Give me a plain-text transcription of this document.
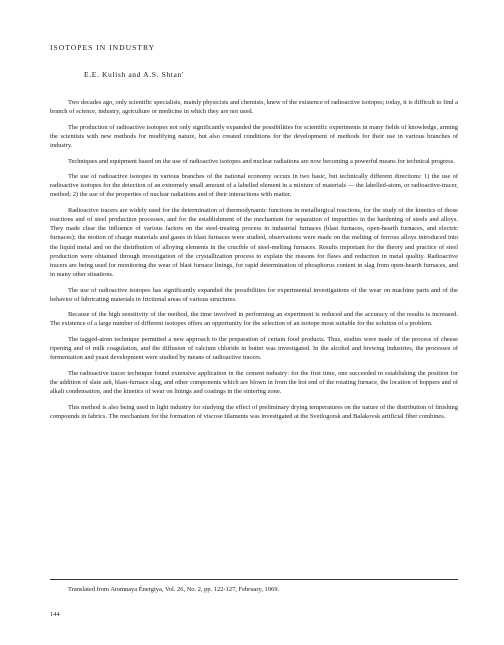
ISOTOPES IN INDUSTRY
E.E. Kulish and A.S. Shtan'

Two decades ago, only scientific specialists, mainly physicists and chemists, knew of the existence of radioactive isotopes; today, it is difficult to find a branch of science, industry, agriculture or medicine in which they are not used.

The production of radioactive isotopes not only significantly expanded the possibilities for scientific experiments in many fields of knowledge, arming the scientists with new methods for modifying nature, but also created conditions for the development of methods for their use in various branches of industry.

Techniques and equipment based on the use of radioactive isotopes and nuclear radiations are now becoming a powerful means for technical progress.

The use of radioactive isotopes in various branches of the national economy occurs in two basic, but technically different directions: 1) the use of radioactive isotopes for the detection of an extremely small amount of a labelled element in a mixture of materials — the labelled-atom, or radioactive-tracer, method; 2) the use of the properties of nuclear radiations and of their interactions with matter.

Radioactive tracers are widely used for the determination of thermodynamic functions in metallurgical reactions, for the study of the kinetics of those reactions and of steel production processes, and for the establishment of the mechanism for separation of impurities in the hardening of steels and alloys. They made clear the influence of various factors on the steel-treating process in industrial furnaces (blast furnaces, open-hearth furnaces, and electric furnaces); the motion of charge materials and gases in blast furnaces were studied, observations were made on the melting of ferrous alloys introduced into the liquid metal and on the distribution of alloying elements in the crucible of steel-melting furnaces. Results important for the theory and practice of steel production were obtained through investigation of the crystallization process to explain the reasons for flaws and reduction in metal quality. Radioactive tracers are being used for monitoring the wear of blast furnace linings, for rapid determination of phosphorus content in slag from open-hearth furnaces, and in many other situations.

The use of radioactive isotopes has significantly expanded the possibilities for experimental investigations of the wear on machine parts and of the behavior of lubricating materials in frictional areas of various structures.

Because of the high sensitivity of the method, the time involved in performing an experiment is reduced and the accuracy of the results is increased. The existence of a large number of different isotopes offers an opportunity for the selection of an isotope most suitable for the solution of a problem.

The tagged-atom technique permitted a new approach to the preparation of certain food products. Thus, studies were made of the process of cheese ripening and of milk coagulation, and the diffusion of calcium chloride in butter was investigated. In the alcohol and brewing industries, the processes of fermentation and yeast development were studied by means of radioactive tracers.

The radioactive tracer technique found extensive application in the cement industry: for the first time, one succeeded in establishing the position for the addition of slate ash, blast-furnace slag, and other components which are blown in from the hot end of the rotating furnace, the location of hoppers and of alkali condensation, and the kinetics of wear on linings and coatings in the sintering zone.

This method is also being used in light industry for studying the effect of preliminary drying temperatures on the nature of the distribution of finishing compounds in fabrics. The mechanism for the formation of viscose filaments was investigated at the Svetlogorsk and Balakovsk artificial fiber combines.

Translated from Atomnaya Énergiya, Vol. 26, No. 2, pp. 122-127, February, 1969.
144
